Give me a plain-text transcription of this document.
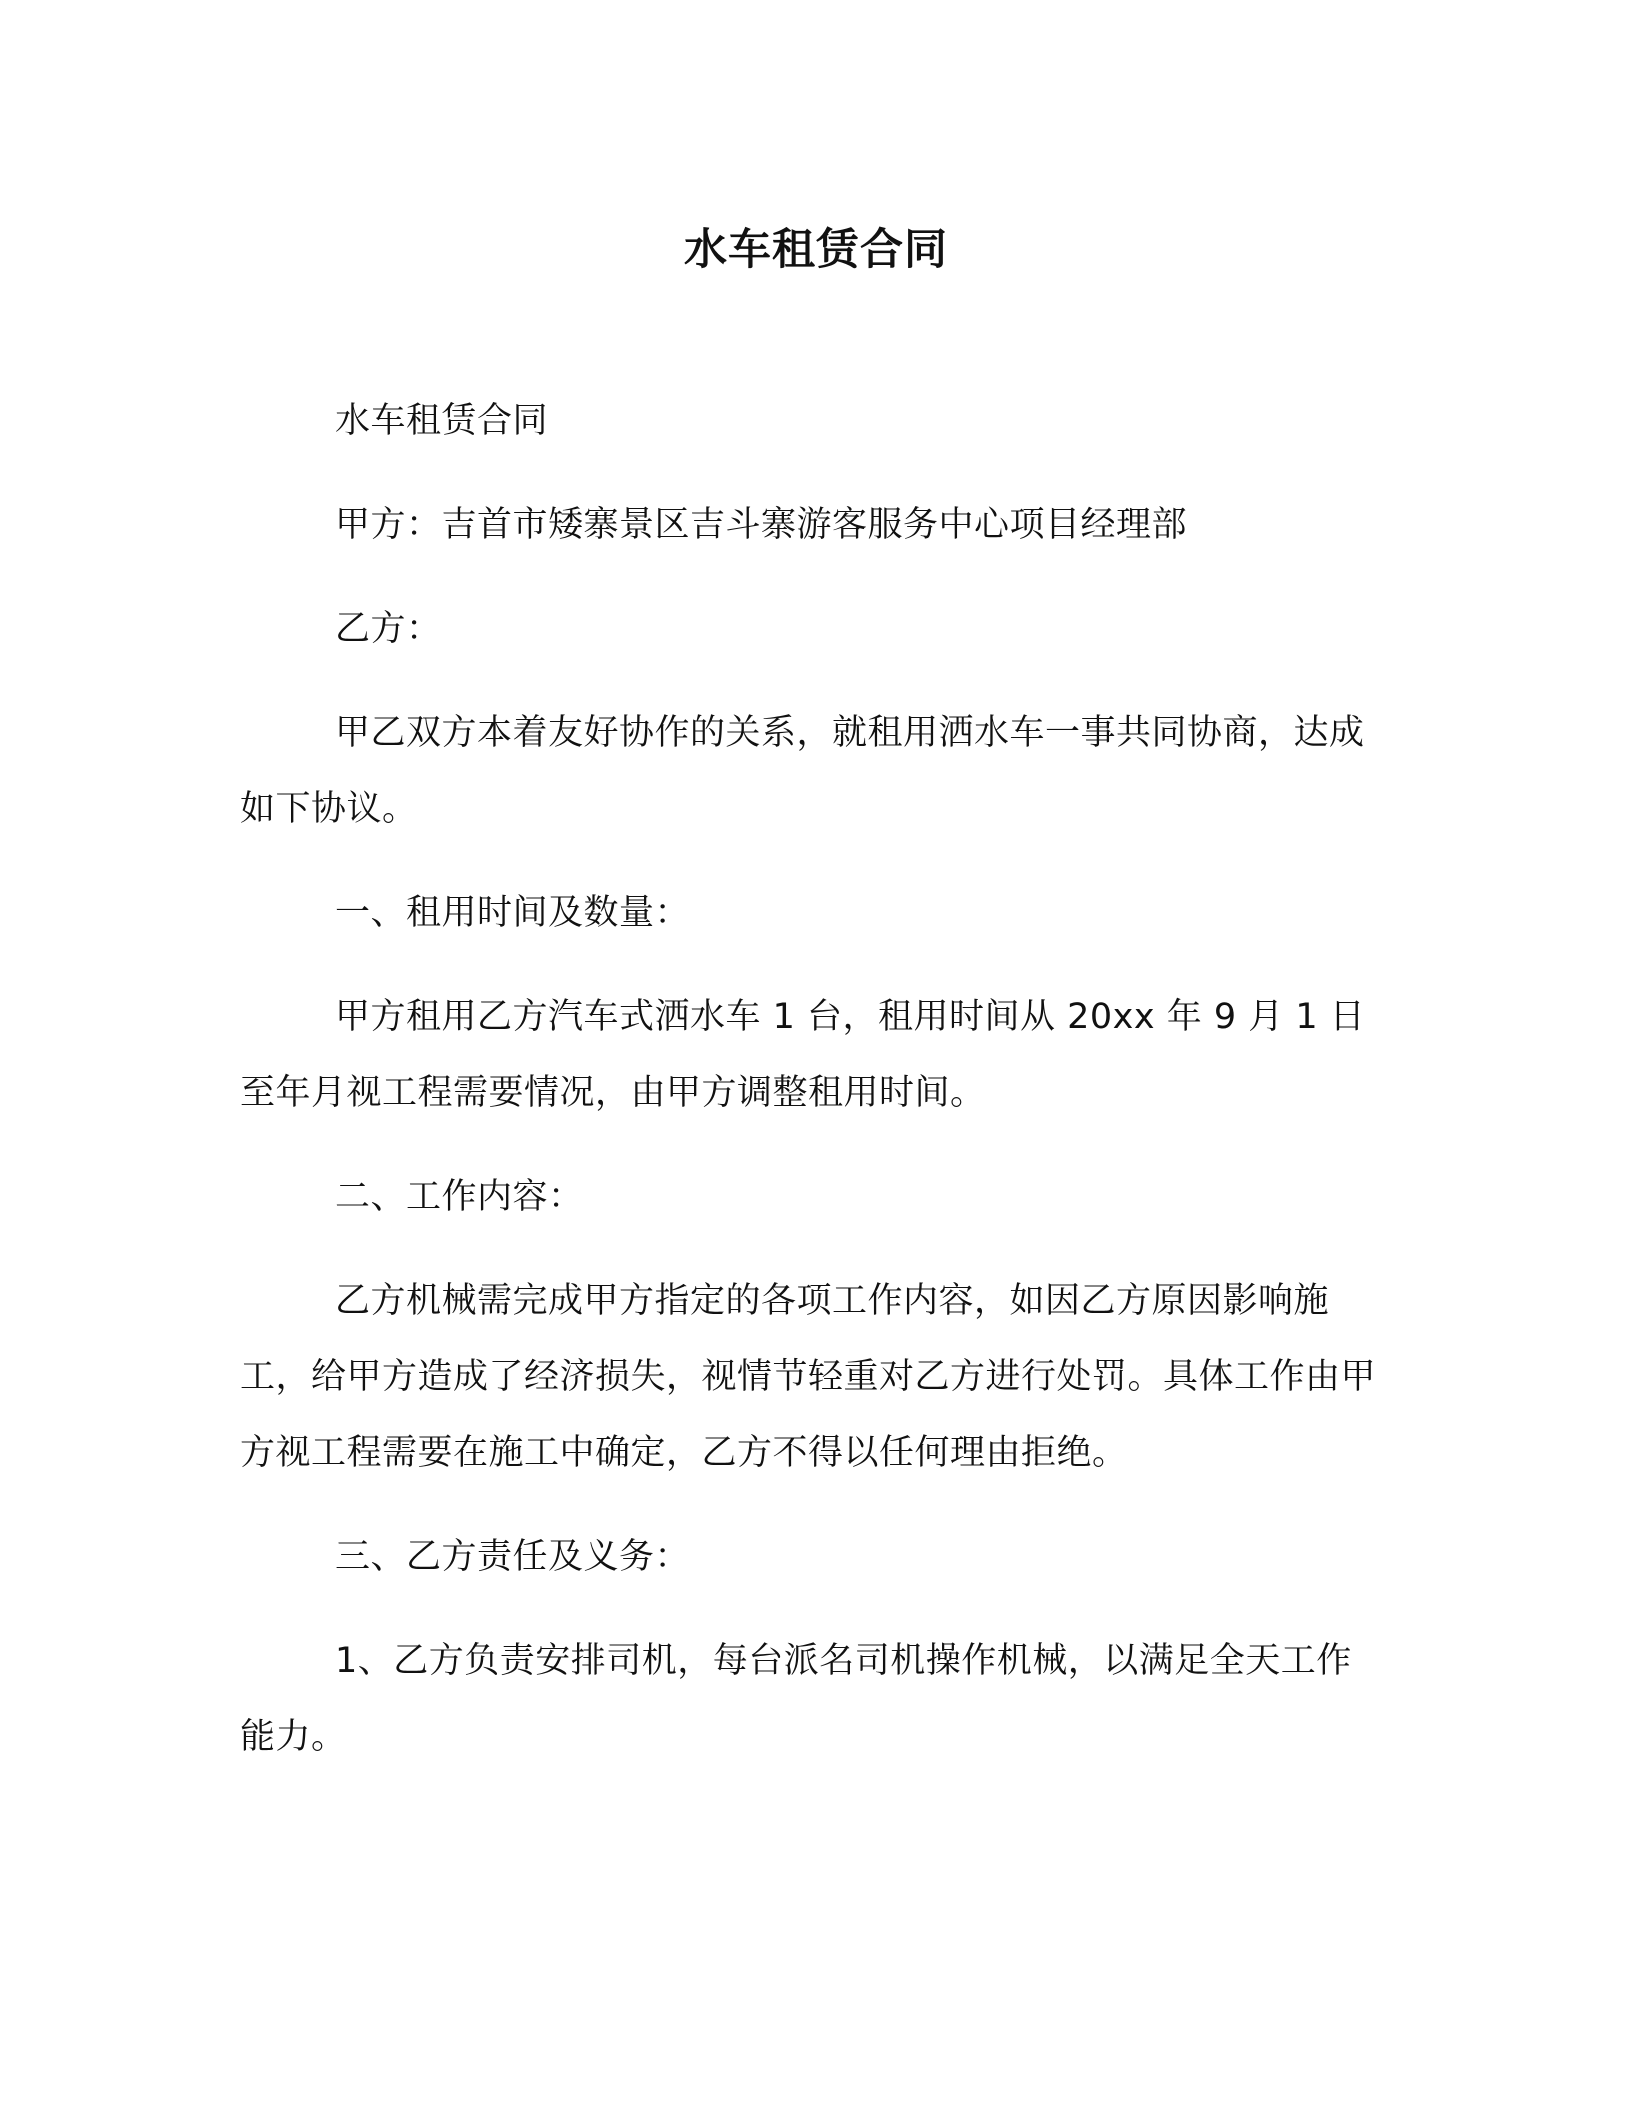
水车租赁合同

水车租赁合同

甲方：吉首市矮寨景区吉斗寨游客服务中心项目经理部

乙方：

甲乙双方本着友好协作的关系，就租用洒水车一事共同协商，达成如下协议。

一、租用时间及数量：

甲方租用乙方汽车式洒水车 1 台，租用时间从 20xx 年 9 月 1 日至年月视工程需要情况，由甲方调整租用时间。

二、工作内容：

乙方机械需完成甲方指定的各项工作内容，如因乙方原因影响施工，给甲方造成了经济损失，视情节轻重对乙方进行处罚。具体工作由甲方视工程需要在施工中确定，乙方不得以任何理由拒绝。

三、乙方责任及义务：

1、乙方负责安排司机，每台派名司机操作机械，以满足全天工作能力。
